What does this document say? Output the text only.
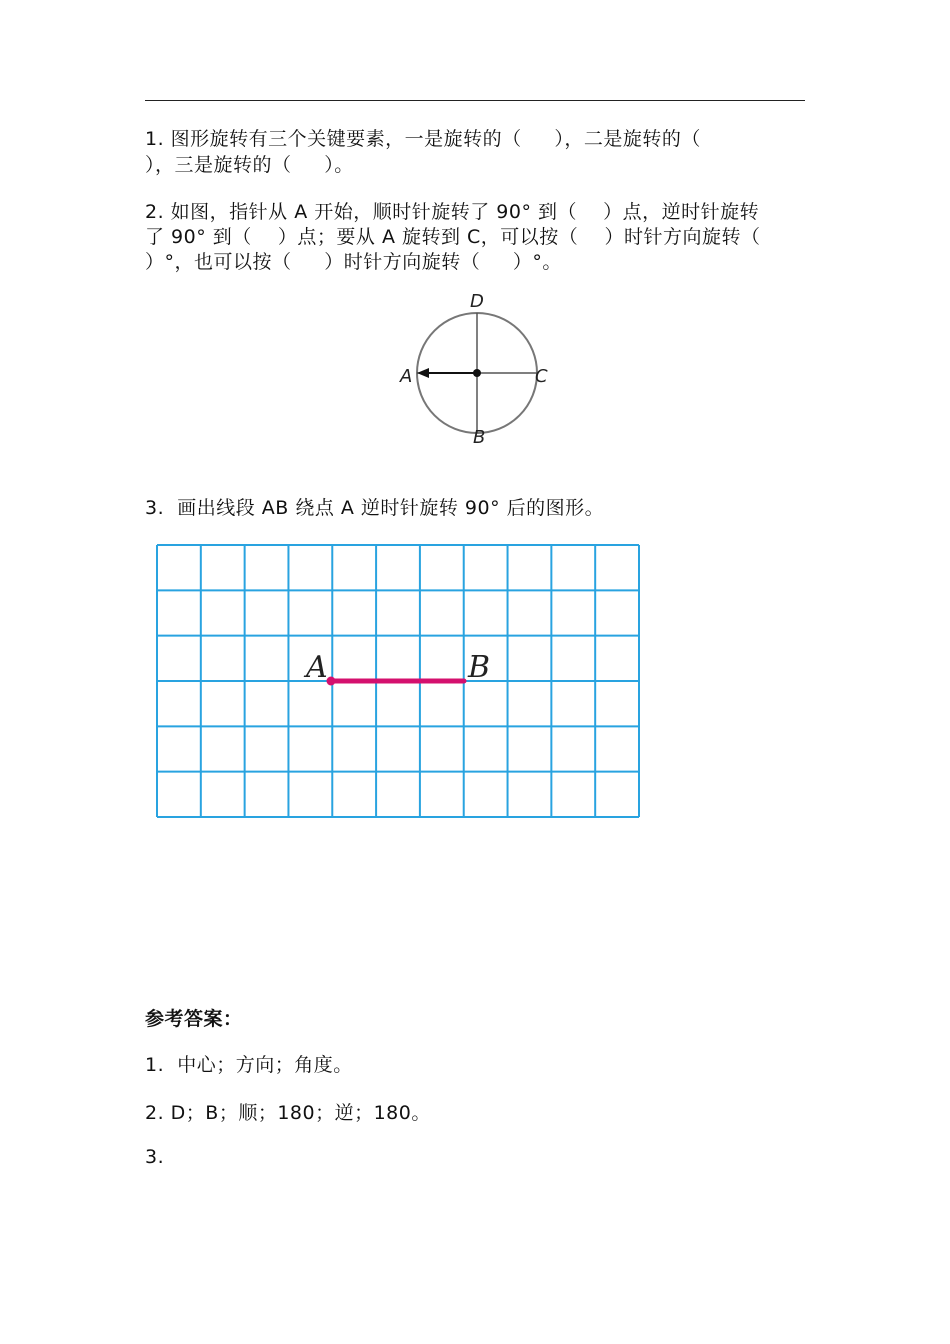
1. 图形旋转有三个关键要素，一是旋转的（     ），二是旋转的（
），三是旋转的（     ）。
2. 如图，指针从 A 开始，顺时针旋转了 90° 到（    ）点，逆时针旋转
了 90° 到（    ）点；要从 A 旋转到 C，可以按（    ）时针方向旋转（
）°，也可以按（     ）时针方向旋转（     ）°。
D
A	C
B
3.  画出线段 AB 绕点 A 逆时针旋转 90° 后的图形。
A	B
参考答案：
1.  中心；方向；角度。
2. D；B；顺；180；逆；180。
3.
